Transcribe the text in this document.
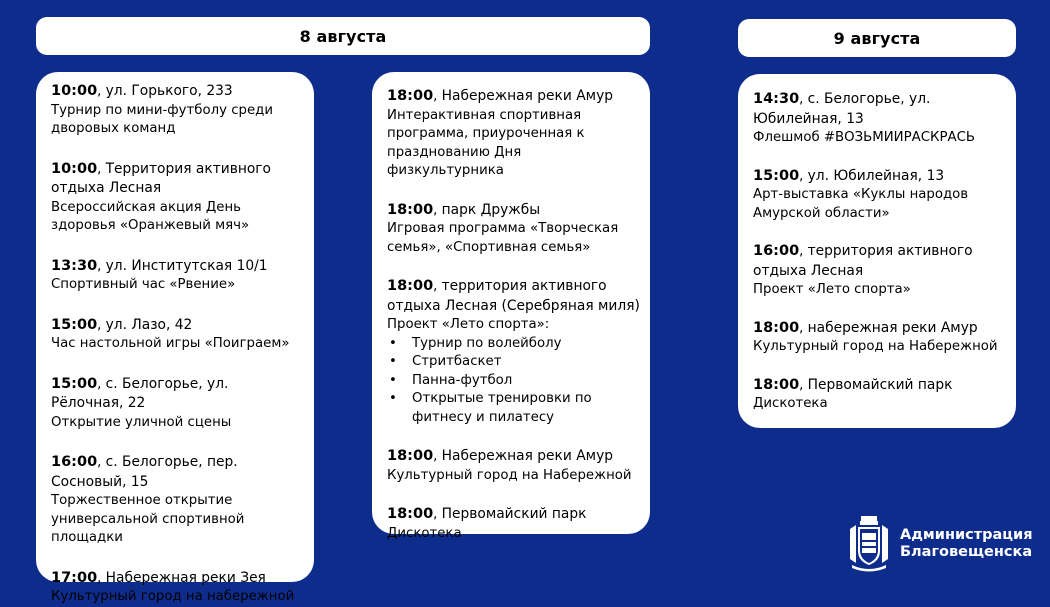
8 августа	9 августа
10:00, ул. Горького, 233
Турнир по мини-футболу среди дворовых команд
10:00, Территория активного отдыха Лесная
Всероссийская акция День здоровья «Оранжевый мяч»
13:30, ул. Институтская 10/1
Спортивный час «Рвение»
15:00, ул. Лазо, 42
Час настольной игры «Поиграем»
15:00, с. Белогорье, ул. Рёлочная, 22
Открытие уличной сцены
16:00, с. Белогорье, пер. Сосновый, 15
Торжественное открытие универсальной спортивной площадки
17:00, Набережная реки Зея
Культурный город на набережной
18:00, Набережная реки Амур
Интерактивная спортивная программа, приуроченная к празднованию Дня физкультурника
18:00, парк Дружбы
Игровая программа «Творческая семья», «Спортивная семья»
18:00, территория активного отдыха Лесная (Серебряная миля)
Проект «Лето спорта»:
• Турнир по волейболу
• Стритбаскет
• Панна-футбол
• Открытые тренировки по фитнесу и пилатесу
18:00, Набережная реки Амур
Культурный город на Набережной
18:00, Первомайский парк
Дискотека
14:30, с. Белогорье, ул. Юбилейная, 13
Флешмоб #ВОЗЬМИИРАСКРАСЬ
15:00, ул. Юбилейная, 13
Арт-выставка «Куклы народов Амурской области»
16:00, территория активного отдыха Лесная
Проект «Лето спорта»
18:00, набережная реки Амур
Культурный город на Набережной
18:00, Первомайский парк
Дискотека
Администрация
Благовещенска
